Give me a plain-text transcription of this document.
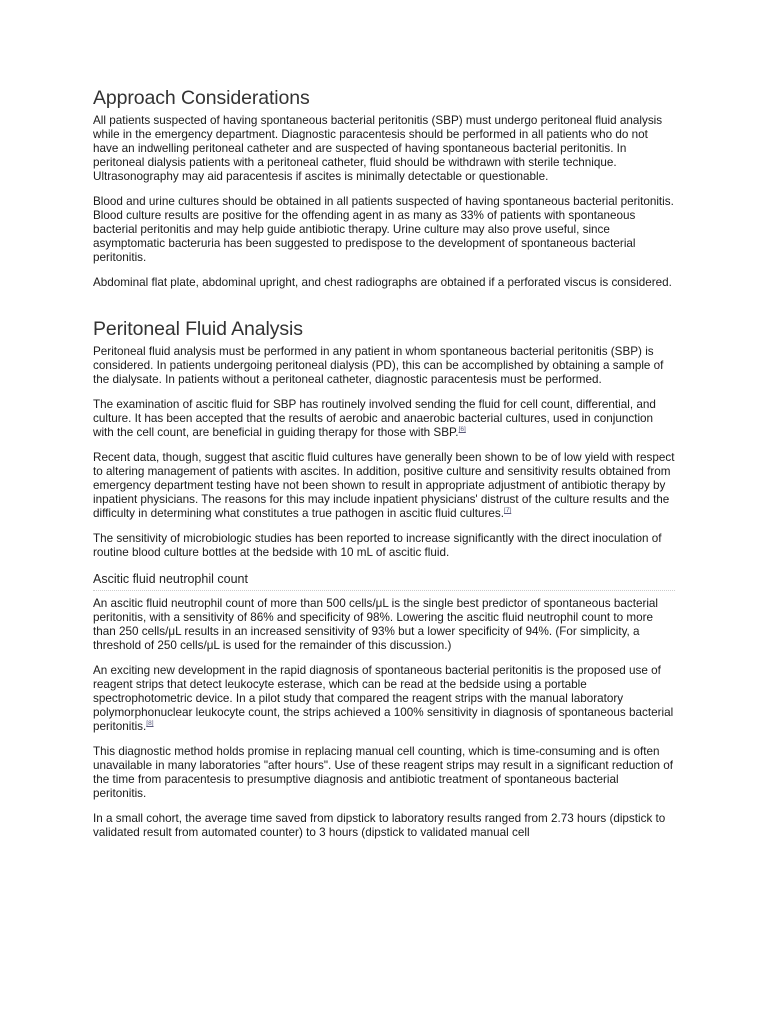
Approach Considerations

All patients suspected of having spontaneous bacterial peritonitis (SBP) must undergo peritoneal fluid analysis while in the emergency department. Diagnostic paracentesis should be performed in all patients who do not have an indwelling peritoneal catheter and are suspected of having spontaneous bacterial peritonitis. In peritoneal dialysis patients with a peritoneal catheter, fluid should be withdrawn with sterile technique. Ultrasonography may aid paracentesis if ascites is minimally detectable or questionable.

Blood and urine cultures should be obtained in all patients suspected of having spontaneous bacterial peritonitis. Blood culture results are positive for the offending agent in as many as 33% of patients with spontaneous bacterial peritonitis and may help guide antibiotic therapy. Urine culture may also prove useful, since asymptomatic bacteruria has been suggested to predispose to the development of spontaneous bacterial peritonitis.

Abdominal flat plate, abdominal upright, and chest radiographs are obtained if a perforated viscus is considered.

Peritoneal Fluid Analysis

Peritoneal fluid analysis must be performed in any patient in whom spontaneous bacterial peritonitis (SBP) is considered. In patients undergoing peritoneal dialysis (PD), this can be accomplished by obtaining a sample of the dialysate. In patients without a peritoneal catheter, diagnostic paracentesis must be performed.

The examination of ascitic fluid for SBP has routinely involved sending the fluid for cell count, differential, and culture. It has been accepted that the results of aerobic and anaerobic bacterial cultures, used in conjunction with the cell count, are beneficial in guiding therapy for those with SBP.[6]

Recent data, though, suggest that ascitic fluid cultures have generally been shown to be of low yield with respect to altering management of patients with ascites. In addition, positive culture and sensitivity results obtained from emergency department testing have not been shown to result in appropriate adjustment of antibiotic therapy by inpatient physicians. The reasons for this may include inpatient physicians' distrust of the culture results and the difficulty in determining what constitutes a true pathogen in ascitic fluid cultures.[7]

The sensitivity of microbiologic studies has been reported to increase significantly with the direct inoculation of routine blood culture bottles at the bedside with 10 mL of ascitic fluid.

Ascitic fluid neutrophil count

An ascitic fluid neutrophil count of more than 500 cells/μL is the single best predictor of spontaneous bacterial peritonitis, with a sensitivity of 86% and specificity of 98%. Lowering the ascitic fluid neutrophil count to more than 250 cells/μL results in an increased sensitivity of 93% but a lower specificity of 94%. (For simplicity, a threshold of 250 cells/μL is used for the remainder of this discussion.)

An exciting new development in the rapid diagnosis of spontaneous bacterial peritonitis is the proposed use of reagent strips that detect leukocyte esterase, which can be read at the bedside using a portable spectrophotometric device. In a pilot study that compared the reagent strips with the manual laboratory polymorphonuclear leukocyte count, the strips achieved a 100% sensitivity in diagnosis of spontaneous bacterial peritonitis.[8]

This diagnostic method holds promise in replacing manual cell counting, which is time-consuming and is often unavailable in many laboratories "after hours". Use of these reagent strips may result in a significant reduction of the time from paracentesis to presumptive diagnosis and antibiotic treatment of spontaneous bacterial peritonitis.

In a small cohort, the average time saved from dipstick to laboratory results ranged from 2.73 hours (dipstick to validated result from automated counter) to 3 hours (dipstick to validated manual cell
